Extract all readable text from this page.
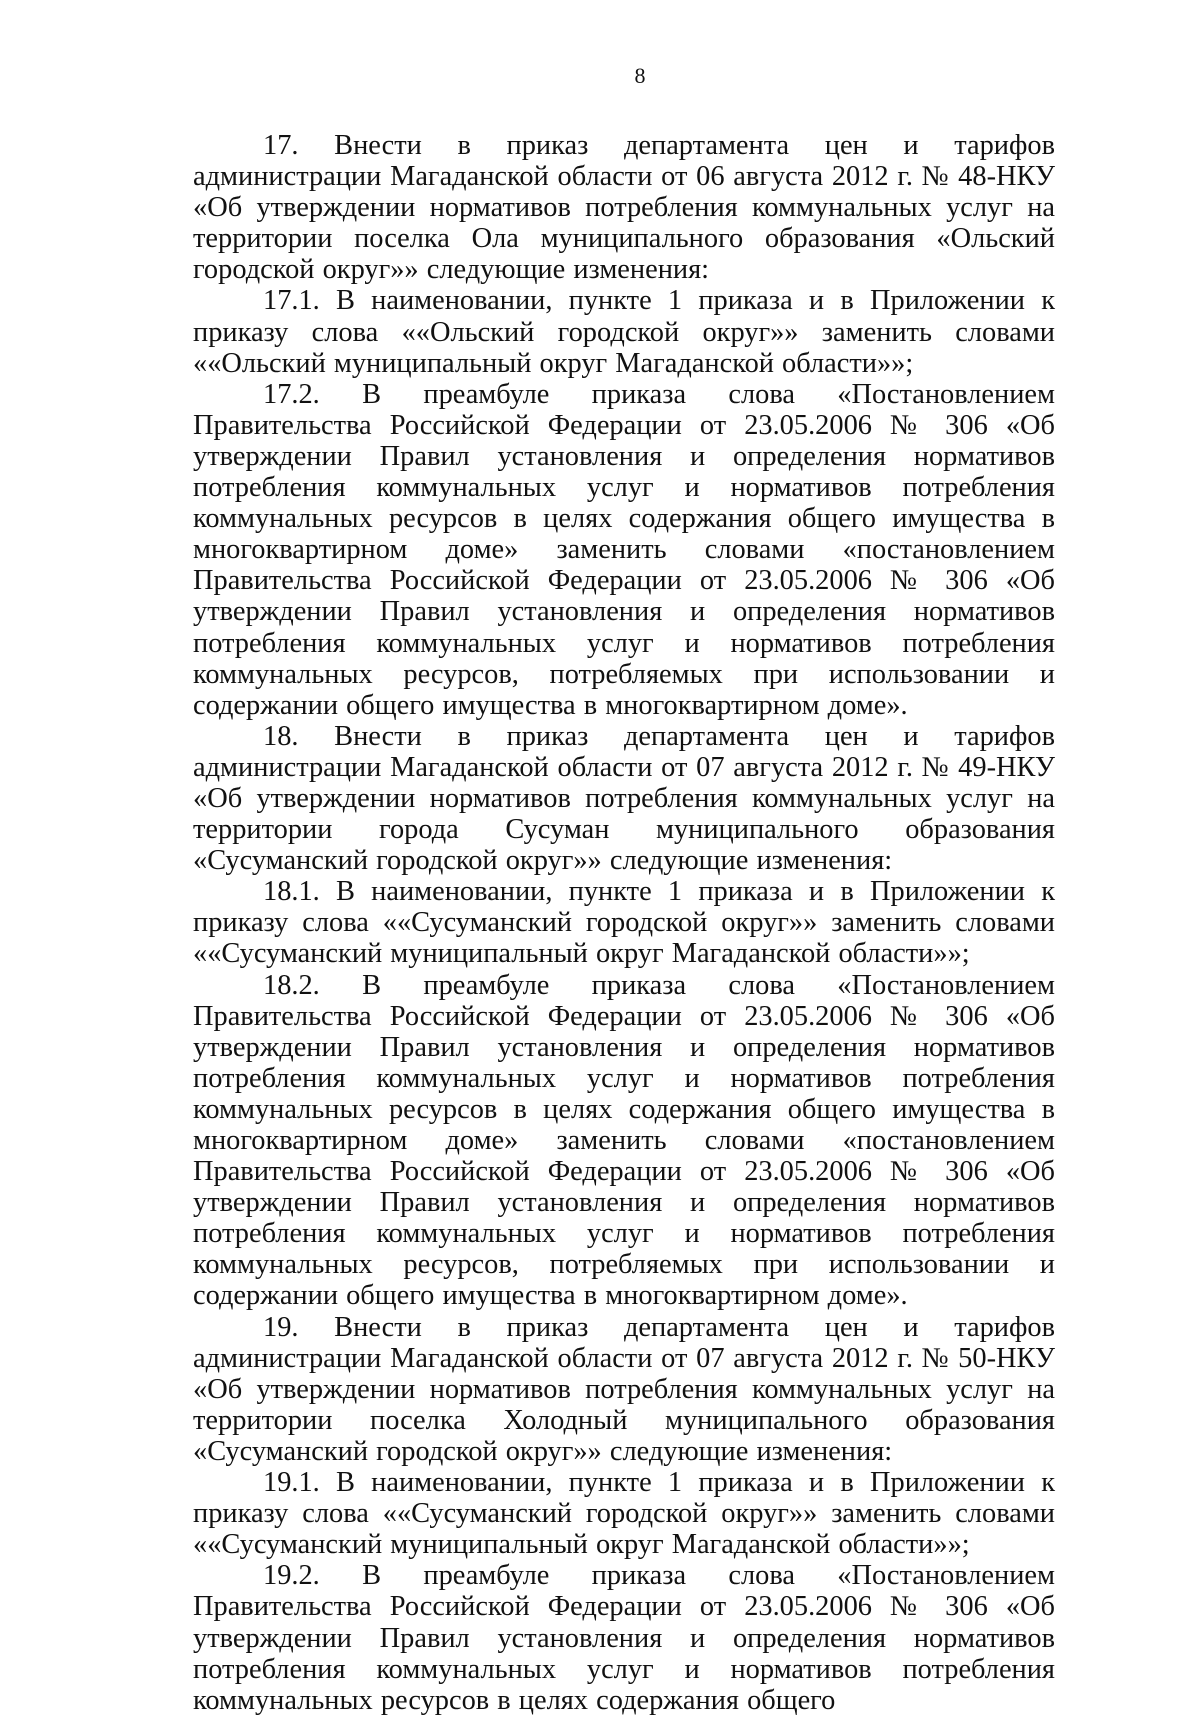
8

17. Внести в приказ департамента цен и тарифов администрации Магаданской области от 06 августа 2012 г. № 48-НКУ «Об утверждении нормативов потребления коммунальных услуг на территории поселка Ола муниципального образования «Ольский городской округ»» следующие изменения:

17.1. В наименовании, пункте 1 приказа и в Приложении к приказу слова ««Ольский городской округ»» заменить словами ««Ольский муниципальный округ Магаданской области»»;

17.2. В преамбуле приказа слова «Постановлением Правительства Российской Федерации от 23.05.2006 № 306 «Об утверждении Правил установления и определения нормативов потребления коммунальных услуг и нормативов потребления коммунальных ресурсов в целях содержания общего имущества в многоквартирном доме» заменить словами «постановлением Правительства Российской Федерации от 23.05.2006 № 306 «Об утверждении Правил установления и определения нормативов потребления коммунальных услуг и нормативов потребления коммунальных ресурсов, потребляемых при использовании и содержании общего имущества в многоквартирном доме».

18. Внести в приказ департамента цен и тарифов администрации Магаданской области от 07 августа 2012 г. № 49-НКУ «Об утверждении нормативов потребления коммунальных услуг на территории города Сусуман муниципального образования «Сусуманский городской округ»» следующие изменения:

18.1. В наименовании, пункте 1 приказа и в Приложении к приказу слова ««Сусуманский городской округ»» заменить словами ««Сусуманский муниципальный округ Магаданской области»»;

18.2. В преамбуле приказа слова «Постановлением Правительства Российской Федерации от 23.05.2006 № 306 «Об утверждении Правил установления и определения нормативов потребления коммунальных услуг и нормативов потребления коммунальных ресурсов в целях содержания общего имущества в многоквартирном доме» заменить словами «постановлением Правительства Российской Федерации от 23.05.2006 № 306 «Об утверждении Правил установления и определения нормативов потребления коммунальных услуг и нормативов потребления коммунальных ресурсов, потребляемых при использовании и содержании общего имущества в многоквартирном доме».

19. Внести в приказ департамента цен и тарифов администрации Магаданской области от 07 августа 2012 г. № 50-НКУ «Об утверждении нормативов потребления коммунальных услуг на территории поселка Холодный муниципального образования «Сусуманский городской округ»» следующие изменения:

19.1. В наименовании, пункте 1 приказа и в Приложении к приказу слова ««Сусуманский городской округ»» заменить словами ««Сусуманский муниципальный округ Магаданской области»»;

19.2. В преамбуле приказа слова «Постановлением Правительства Российской Федерации от 23.05.2006 № 306 «Об утверждении Правил установления и определения нормативов потребления коммунальных услуг и нормативов потребления коммунальных ресурсов в целях содержания общего
